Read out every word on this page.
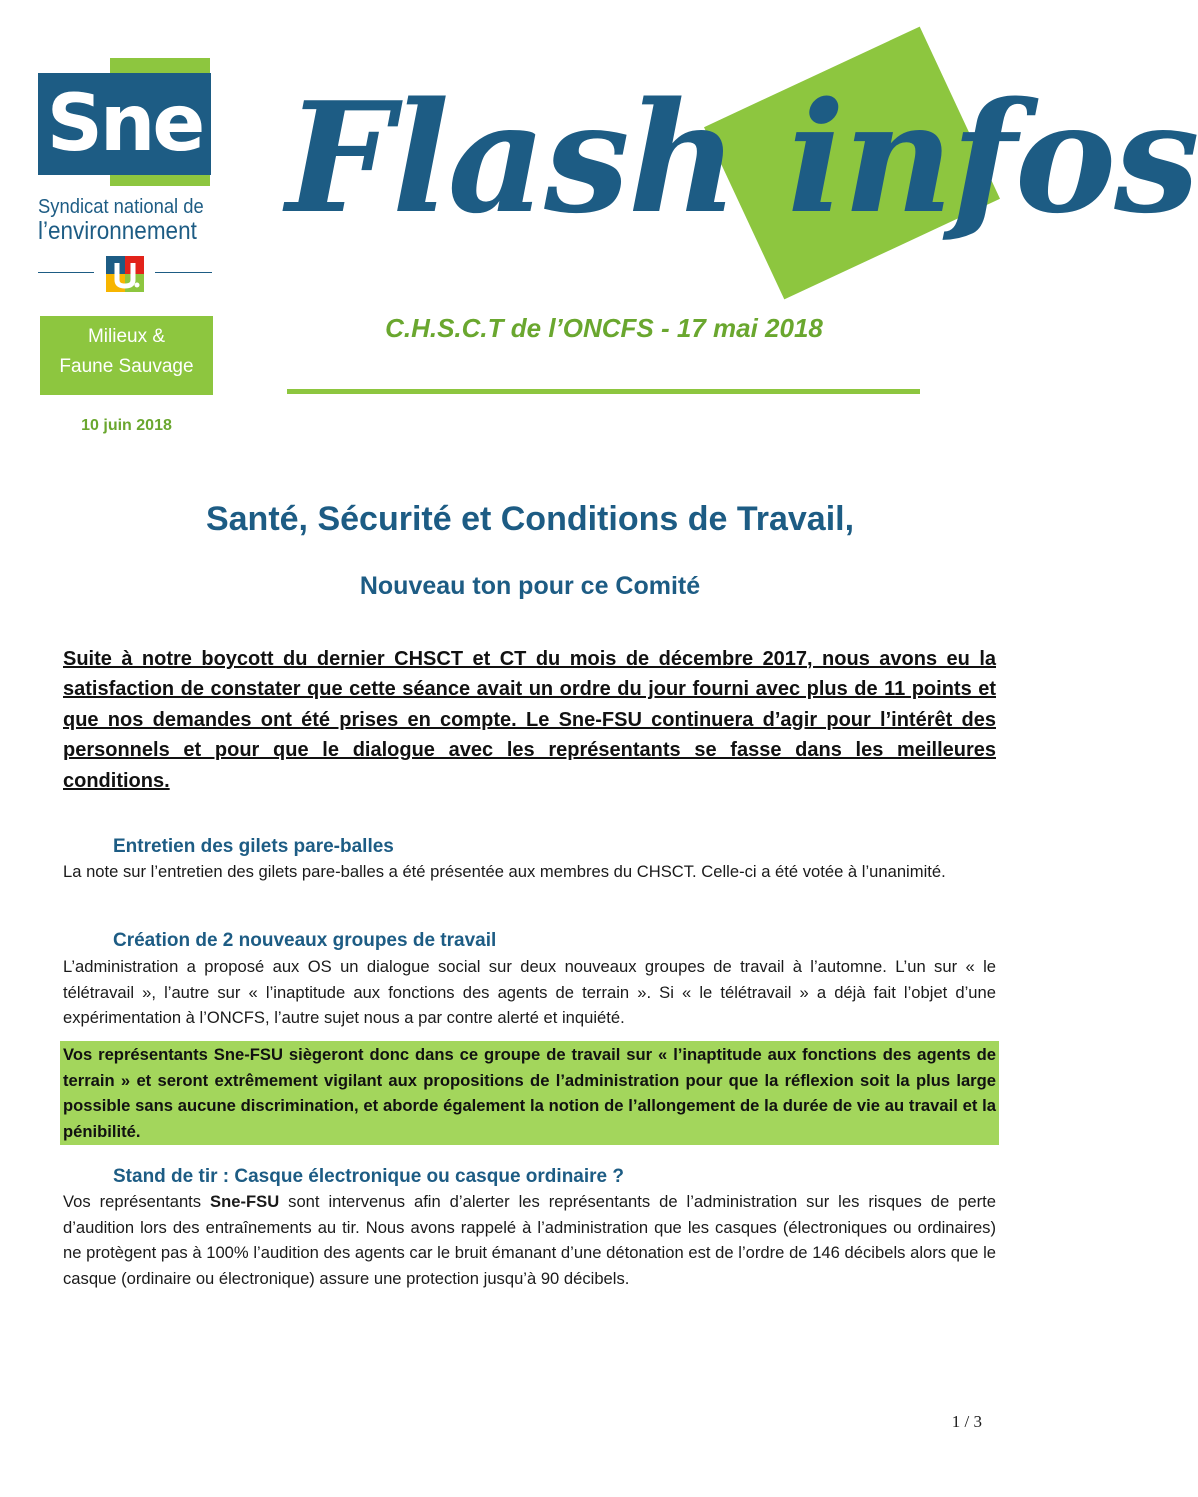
Sne
Syndicat national de
l’environnement Flash infos
Milieux &
Faune Sauvage
10 juin 2018
C.H.S.C.T de l’ONCFS - 17 mai 2018
Santé, Sécurité et Conditions de Travail,
Nouveau ton pour ce Comité
Suite à notre boycott du dernier CHSCT et CT du mois de décembre 2017, nous avons eu la satisfaction de constater que cette séance avait un ordre du jour fourni avec plus de 11 points et que nos demandes ont été prises en compte. Le Sne-FSU continuera d’agir pour l’intérêt des personnels et pour que le dialogue avec les représentants se fasse dans les meilleures conditions.
Entretien des gilets pare-balles
La note sur l’entretien des gilets pare-balles a été présentée aux membres du CHSCT. Celle-ci a été votée à l’unanimité.
Création de 2 nouveaux groupes de travail
L’administration a proposé aux OS un dialogue social sur deux nouveaux groupes de travail à l’automne. L’un sur « le télétravail », l’autre sur « l’inaptitude aux fonctions des agents de terrain ». Si « le télétravail » a déjà fait l’objet d’une expérimentation à l’ONCFS, l’autre sujet nous a par contre alerté et inquiété.
Vos représentants Sne-FSU siègeront donc dans ce groupe de travail sur « l’inaptitude aux fonctions des agents de terrain » et seront extrêmement vigilant aux propositions de l’administration pour que la réflexion soit la plus large possible sans aucune discrimination, et aborde également la notion de l’allongement de la durée de vie au travail et la pénibilité.
Stand de tir : Casque électronique ou casque ordinaire ?
Vos représentants Sne-FSU sont intervenus afin d’alerter les représentants de l’administration sur les risques de perte d’audition lors des entraînements au tir. Nous avons rappelé à l’administration que les casques (électroniques ou ordinaires) ne protègent pas à 100% l’audition des agents car le bruit émanant d’une détonation est de l’ordre de 146 décibels alors que le casque (ordinaire ou électronique) assure une protection jusqu’à 90 décibels.
1 / 3
